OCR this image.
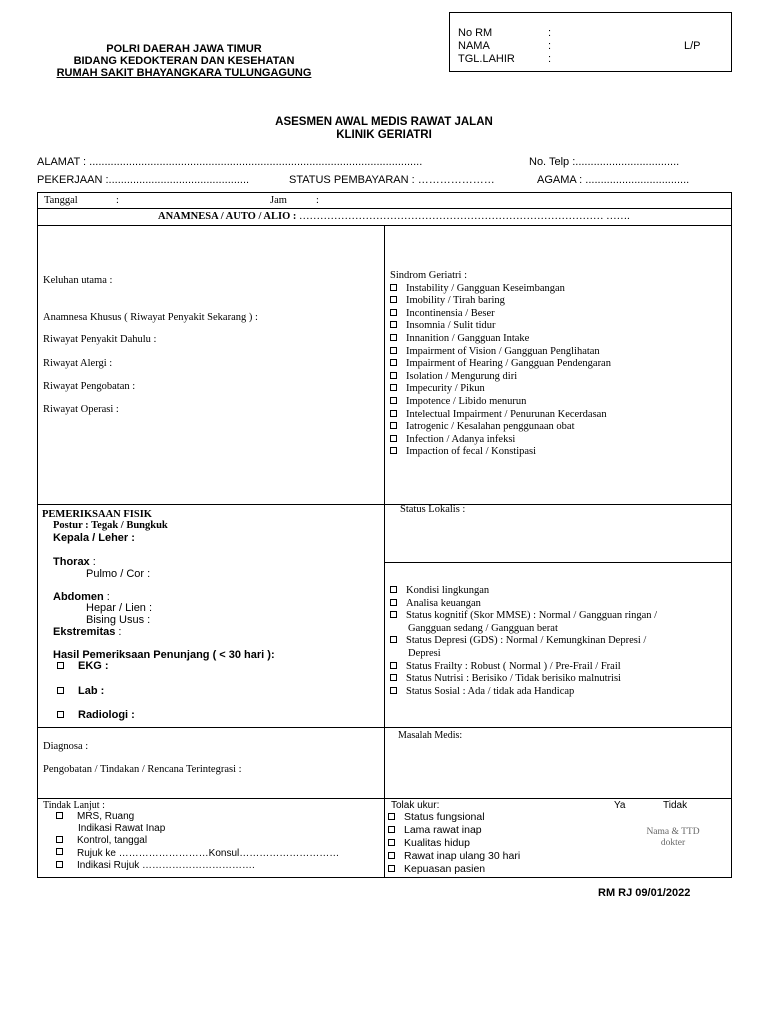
POLRI DAERAH JAWA TIMUR
BIDANG KEDOKTERAN DAN KESEHATAN
RUMAH SAKIT BHAYANGKARA TULUNGAGUNG
No RM	:
NAMA	:	L/P
TGL.LAHIR	:
ASESMEN AWAL MEDIS RAWAT JALAN
KLINIK GERIATRI
ALAMAT : .............................................................................................................	No. Telp :..................................
PEKERJAAN :..............................................	STATUS PEMBAYARAN : …………………	AGAMA : ..................................
Tanggal	:	Jam	:
ANAMNESA / AUTO / ALIO : …………………………………………………………………………… …….
Keluhan utama :
Anamnesa Khusus ( Riwayat Penyakit Sekarang ) :
Riwayat Penyakit Dahulu :
Riwayat Alergi :
Riwayat Pengobatan :
Riwayat Operasi :
Sindrom Geriatri :
Instability / Gangguan Keseimbangan
Imobility / Tirah baring
Incontinensia / Beser
Insomnia / Sulit tidur
Innanition / Gangguan Intake
Impairment of Vision / Gangguan Penglihatan
Impairment of Hearing / Gangguan Pendengaran
Isolation / Mengurung diri
Impecurity / Pikun
Impotence / Libido menurun
Intelectual Impairment / Penurunan Kecerdasan
Iatrogenic / Kesalahan penggunaan obat
Infection / Adanya infeksi
Impaction of fecal / Konstipasi
PEMERIKSAAN FISIK
Postur : Tegak / Bungkuk
Kepala / Leher :
Thorax :
Pulmo / Cor :
Abdomen :
Hepar / Lien :
Bising Usus :
Ekstremitas :
Hasil Pemeriksaan Penunjang ( < 30 hari ):
EKG :
Lab :
Radiologi :
Status Lokalis :
Kondisi lingkungan
Analisa keuangan
Status kognitif (Skor MMSE) : Normal / Gangguan ringan /
Gangguan sedang / Gangguan berat
Status Depresi (GDS) : Normal / Kemungkinan Depresi /
Depresi
Status Frailty : Robust ( Normal ) / Pre-Frail / Frail
Status Nutrisi : Berisiko / Tidak berisiko malnutrisi
Status Sosial : Ada / tidak ada Handicap
Diagnosa :
Pengobatan / Tindakan / Rencana Terintegrasi :
Masalah Medis:
Tindak Lanjut :
MRS, Ruang
Indikasi Rawat Inap
Kontrol, tanggal
Rujuk ke ………………………Konsul…………………………
Indikasi Rujuk …………………………….
Tolak ukur:	Ya	Tidak
Status fungsional
Lama rawat inap
Kualitas hidup
Rawat inap ulang 30 hari
Kepuasan pasien
Nama & TTD
dokter
RM RJ 09/01/2022
